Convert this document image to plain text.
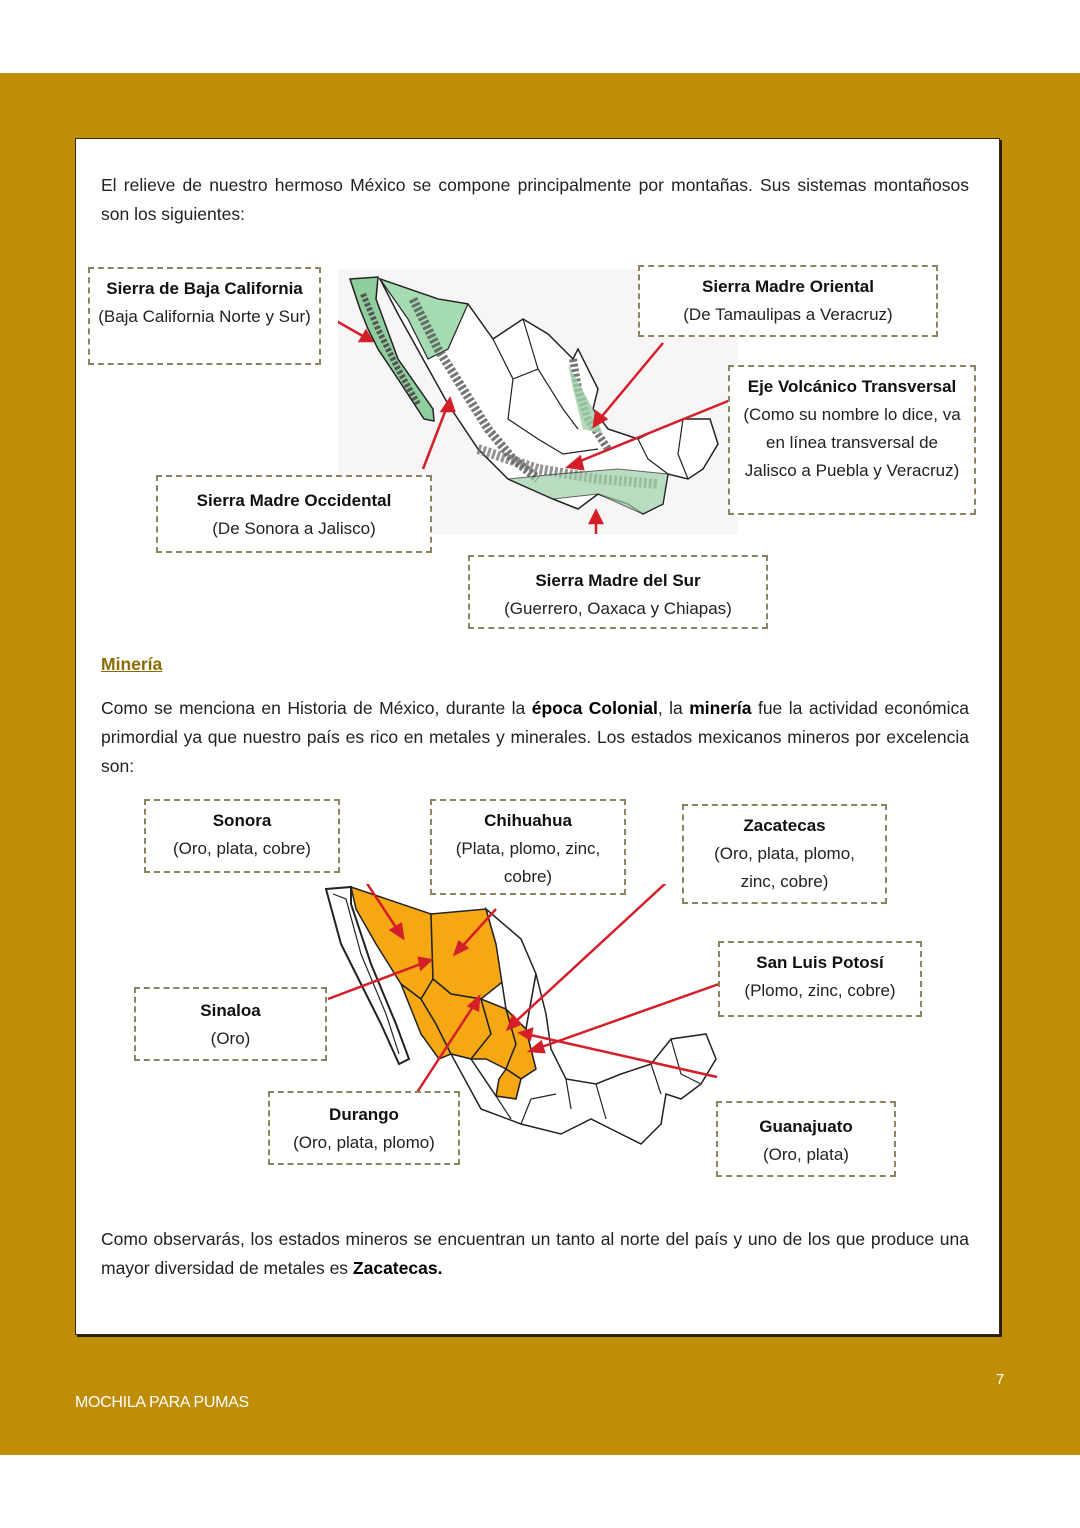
El relieve de nuestro hermoso México se compone principalmente por montañas. Sus sistemas montañosos son los siguientes:

Sierra de Baja California
(Baja California Norte y Sur)
Sierra Madre Oriental
(De Tamaulipas a Veracruz)
Eje Volcánico Transversal
(Como su nombre lo dice, va en línea transversal de Jalisco a Puebla y Veracruz)
Sierra Madre Occidental
(De Sonora a Jalisco)
Sierra Madre del Sur
(Guerrero, Oaxaca y Chiapas)
Minería

Como se menciona en Historia de México, durante la época Colonial, la minería fue la actividad económica primordial ya que nuestro país es rico en metales y minerales. Los estados mexicanos mineros por excelencia son:

Sonora
(Oro, plata, cobre)
Chihuahua
(Plata, plomo, zinc, cobre)
Zacatecas
(Oro, plata, plomo, zinc, cobre)
San Luis Potosí
(Plomo, zinc, cobre)
Sinaloa
(Oro)
Durango
(Oro, plata, plomo)
Guanajuato
(Oro, plata)

Como observarás, los estados mineros se encuentran un tanto al norte del país y uno de los que produce una mayor diversidad de metales es Zacatecas.

7
MOCHILA PARA PUMAS
